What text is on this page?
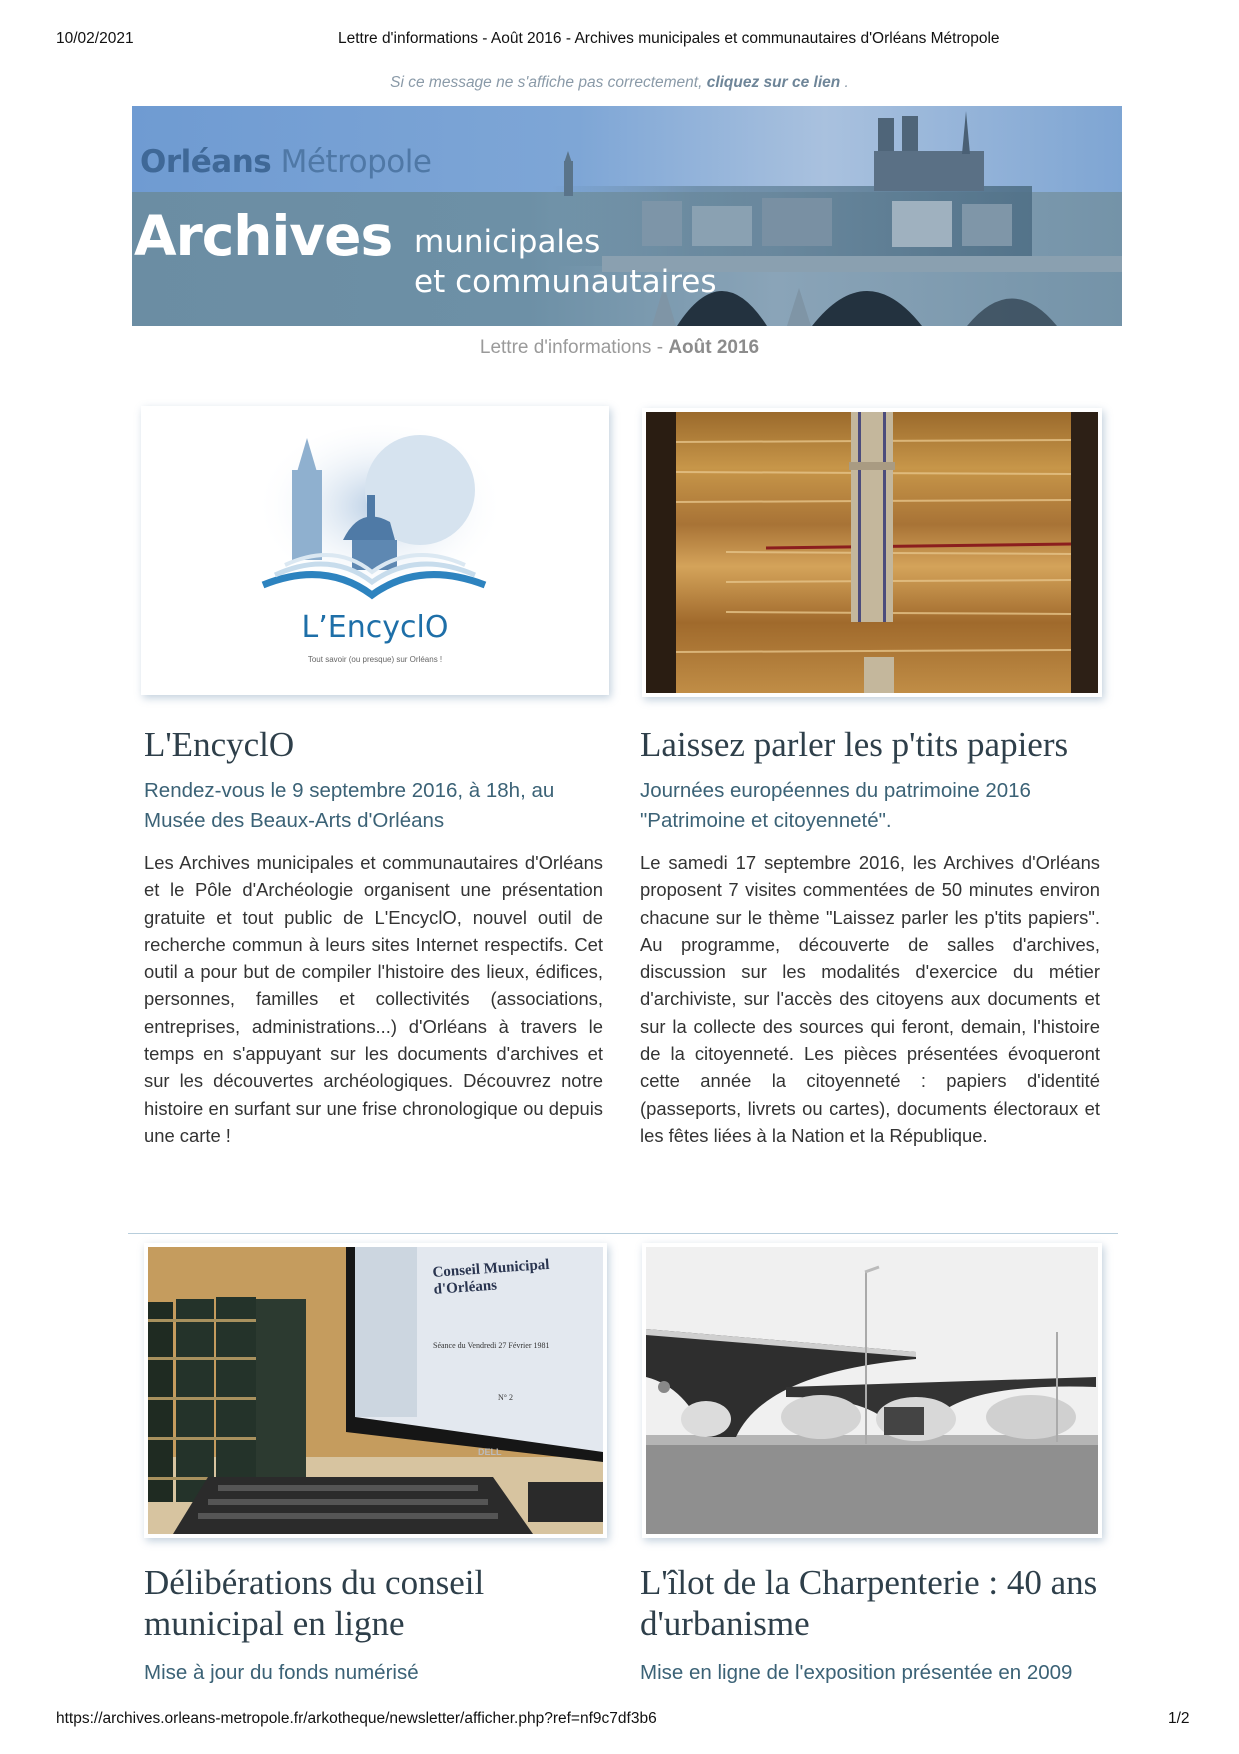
10/02/2021	Lettre d'informations - Août 2016 - Archives municipales et communautaires d'Orléans Métropole
Si ce message ne s'affiche pas correctement, cliquez sur ce lien .
Orléans Métropole
Archives municipales
et communautaires
Lettre d'informations - Août 2016
L’EncyclO
Tout savoir (ou presque) sur Orléans !
L'EncyclO
Rendez-vous le 9 septembre 2016, à 18h, au Musée des Beaux-Arts d'Orléans
Les Archives municipales et communautaires d'Orléans et le Pôle d'Archéologie organisent une présentation gratuite et tout public de L'EncyclO, nouvel outil de recherche commun à leurs sites Internet respectifs. Cet outil a pour but de compiler l'histoire des lieux, édifices, personnes, familles et collectivités (associations, entreprises, administrations...) d'Orléans à travers le temps en s'appuyant sur les documents d'archives et sur les découvertes archéologiques. Découvrez notre histoire en surfant sur une frise chronologique ou depuis une carte !
Laissez parler les p'tits papiers
Journées européennes du patrimoine 2016 "Patrimoine et citoyenneté".
Le samedi 17 septembre 2016, les Archives d'Orléans proposent 7 visites commentées de 50 minutes environ chacune sur le thème "Laissez parler les p'tits papiers". Au programme, découverte de salles d'archives, discussion sur les modalités d'exercice du métier d'archiviste, sur l'accès des citoyens aux documents et sur la collecte des sources qui feront, demain, l'histoire de la citoyenneté. Les pièces présentées évoqueront cette année la citoyenneté : papiers d'identité (passeports, livrets ou cartes), documents électoraux et les fêtes liées à la Nation et la République.
Conseil Municipal d'Orléans
Séance du Vendredi 27 Février 1981
N° 2
DELL
Délibérations du conseil municipal en ligne
Mise à jour du fonds numérisé
L'îlot de la Charpenterie : 40 ans d'urbanisme
Mise en ligne de l'exposition présentée en 2009
https://archives.orleans-metropole.fr/arkotheque/newsletter/afficher.php?ref=nf9c7df3b6	1/2
